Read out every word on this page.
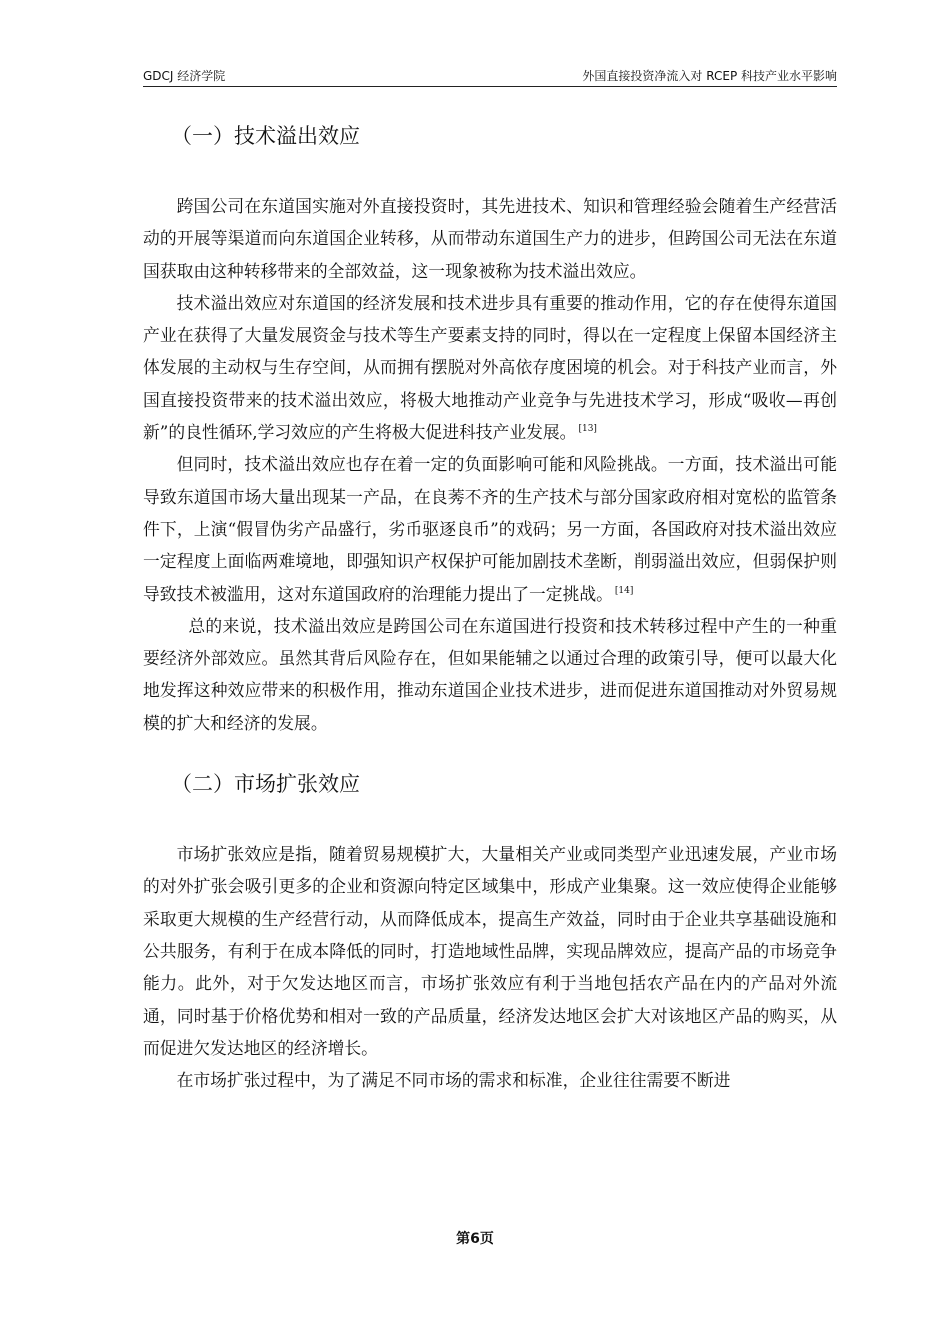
GDCJ 经济学院	外国直接投资净流入对 RCEP 科技产业水平影响
（一）技术溢出效应

跨国公司在东道国实施对外直接投资时，其先进技术、知识和管理经验会随着生产经营活动的开展等渠道而向东道国企业转移，从而带动东道国生产力的进步，但跨国公司无法在东道国获取由这种转移带来的全部效益，这一现象被称为技术溢出效应。

技术溢出效应对东道国的经济发展和技术进步具有重要的推动作用，它的存在使得东道国产业在获得了大量发展资金与技术等生产要素支持的同时，得以在一定程度上保留本国经济主体发展的主动权与生存空间，从而拥有摆脱对外高依存度困境的机会。对于科技产业而言，外国直接投资带来的技术溢出效应，将极大地推动产业竞争与先进技术学习，形成“吸收—再创新”的良性循环,学习效应的产生将极大促进科技产业发展。 [13]

但同时，技术溢出效应也存在着一定的负面影响可能和风险挑战。一方面，技术溢出可能导致东道国市场大量出现某一产品，在良莠不齐的生产技术与部分国家政府相对宽松的监管条件下，上演“假冒伪劣产品盛行，劣币驱逐良币”的戏码；另一方面，各国政府对技术溢出效应一定程度上面临两难境地，即强知识产权保护可能加剧技术垄断，削弱溢出效应，但弱保护则导致技术被滥用，这对东道国政府的治理能力提出了一定挑战。 [14]

总的来说，技术溢出效应是跨国公司在东道国进行投资和技术转移过程中产生的一种重要经济外部效应。虽然其背后风险存在，但如果能辅之以通过合理的政策引导，便可以最大化地发挥这种效应带来的积极作用，推动东道国企业技术进步，进而促进东道国推动对外贸易规模的扩大和经济的发展。

（二）市场扩张效应

市场扩张效应是指，随着贸易规模扩大，大量相关产业或同类型产业迅速发展，产业市场的对外扩张会吸引更多的企业和资源向特定区域集中，形成产业集聚。这一效应使得企业能够采取更大规模的生产经营行动，从而降低成本，提高生产效益，同时由于企业共享基础设施和公共服务，有利于在成本降低的同时，打造地域性品牌，实现品牌效应，提高产品的市场竞争能力。此外，对于欠发达地区而言，市场扩张效应有利于当地包括农产品在内的产品对外流通，同时基于价格优势和相对一致的产品质量，经济发达地区会扩大对该地区产品的购买，从而促进欠发达地区的经济增长。

在市场扩张过程中，为了满足不同市场的需求和标准，企业往往需要不断进

第6页
